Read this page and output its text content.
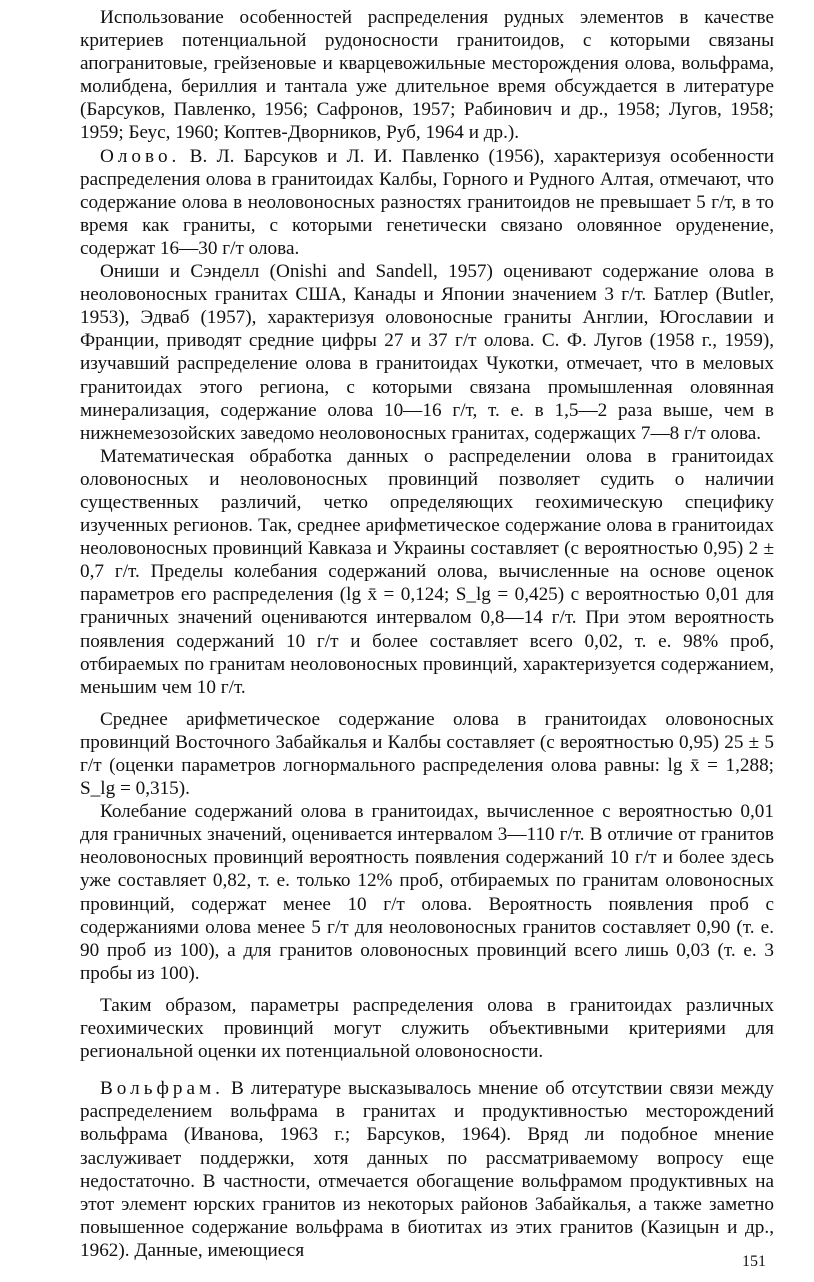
Использование особенностей распределения рудных элементов в качестве критериев потенциальной рудоносности гранитоидов, с которыми связаны апогранитовые, грейзеновые и кварцевожильные месторождения олова, вольфрама, молибдена, бериллия и тантала уже длительное время обсуждается в литературе (Барсуков, Павленко, 1956; Сафронов, 1957; Рабинович и др., 1958; Лугов, 1958; 1959; Беус, 1960; Коптев-Дворников, Руб, 1964 и др.).

Олово. В. Л. Барсуков и Л. И. Павленко (1956), характеризуя особенности распределения олова в гранитоидах Калбы, Горного и Рудного Алтая, отмечают, что содержание олова в неоловоносных разностях гранитоидов не превышает 5 г/т, в то время как граниты, с которыми генетически связано оловянное оруденение, содержат 16—30 г/т олова.

Ониши и Сэнделл (Onishi and Sandell, 1957) оценивают содержание олова в неоловоносных гранитах США, Канады и Японии значением 3 г/т. Батлер (Butler, 1953), Эдваб (1957), характеризуя оловоносные граниты Англии, Югославии и Франции, приводят средние цифры 27 и 37 г/т олова. С. Ф. Лугов (1958 г., 1959), изучавший распределение олова в гранитоидах Чукотки, отмечает, что в меловых гранитоидах этого региона, с которыми связана промышленная оловянная минерализация, содержание олова 10—16 г/т, т. е. в 1,5—2 раза выше, чем в нижнемезозойских заведомо неоловоносных гранитах, содержащих 7—8 г/т олова.

Математическая обработка данных о распределении олова в гранитоидах оловоносных и неоловоносных провинций позволяет судить о наличии существенных различий, четко определяющих геохимическую специфику изученных регионов. Так, среднее арифметическое содержание олова в гранитоидах неоловоносных провинций Кавказа и Украины составляет (с вероятностью 0,95) 2 ± 0,7 г/т. Пределы колебания содержаний олова, вычисленные на основе оценок параметров его распределения (lg x̄ = 0,124; S_lg = 0,425) с вероятностью 0,01 для граничных значений оцениваются интервалом 0,8—14 г/т. При этом вероятность появления содержаний 10 г/т и более составляет всего 0,02, т. е. 98% проб, отбираемых по гранитам неоловоносных провинций, характеризуется содержанием, меньшим чем 10 г/т.

Среднее арифметическое содержание олова в гранитоидах оловоносных провинций Восточного Забайкалья и Калбы составляет (с вероятностью 0,95) 25 ± 5 г/т (оценки параметров логнормального распределения олова равны: lg x̄ = 1,288; S_lg = 0,315).

Колебание содержаний олова в гранитоидах, вычисленное с вероятностью 0,01 для граничных значений, оценивается интервалом 3—110 г/т. В отличие от гранитов неоловоносных провинций вероятность появления содержаний 10 г/т и более здесь уже составляет 0,82, т. е. только 12% проб, отбираемых по гранитам оловоносных провинций, содержат менее 10 г/т олова. Вероятность появления проб с содержаниями олова менее 5 г/т для неоловоносных гранитов составляет 0,90 (т. е. 90 проб из 100), а для гранитов оловоносных провинций всего лишь 0,03 (т. е. 3 пробы из 100).

Таким образом, параметры распределения олова в гранитоидах различных геохимических провинций могут служить объективными критериями для региональной оценки их потенциальной оловоносности.

Вольфрам. В литературе высказывалось мнение об отсутствии связи между распределением вольфрама в гранитах и продуктивностью месторождений вольфрама (Иванова, 1963 г.; Барсуков, 1964). Вряд ли подобное мнение заслуживает поддержки, хотя данных по рассматриваемому вопросу еще недостаточно. В частности, отмечается обогащение вольфрамом продуктивных на этот элемент юрских гранитов из некоторых районов Забайкалья, а также заметно повышенное содержание вольфрама в биотитах из этих гранитов (Казицын и др., 1962). Данные, имеющиеся

151
